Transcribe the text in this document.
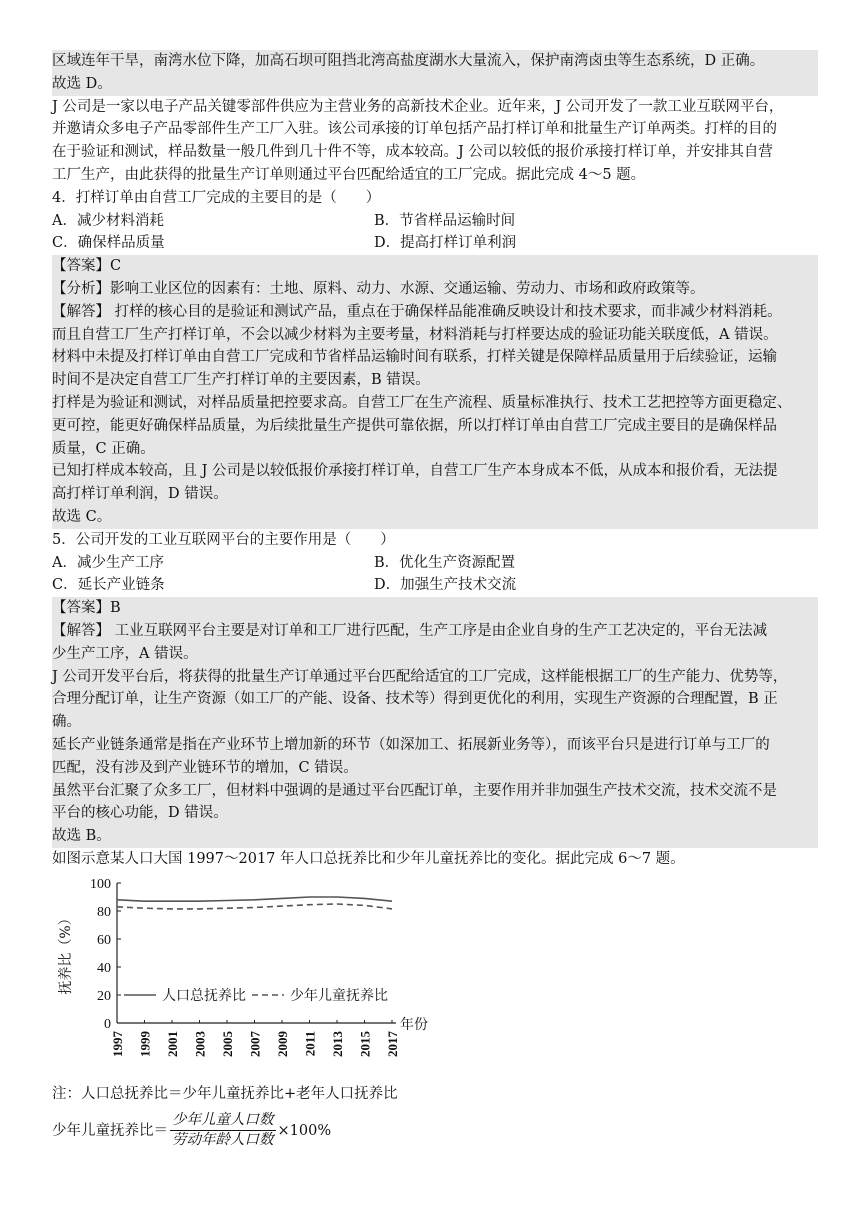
区域连年干旱，南湾水位下降，加高石坝可阻挡北湾高盐度湖水大量流入，保护南湾卤虫等生态系统，D 正确。

故选 D。

J 公司是一家以电子产品关键零部件供应为主营业务的高新技术企业。近年来，J 公司开发了一款工业互联网平台，

并邀请众多电子产品零部件生产工厂入驻。该公司承接的订单包括产品打样订单和批量生产订单两类。打样的目的

在于验证和测试，样品数量一般几件到几十件不等，成本较高。J 公司以较低的报价承接打样订单，并安排其自营

工厂生产，由此获得的批量生产订单则通过平台匹配给适宜的工厂完成。据此完成 4～5 题。

4．打样订单由自营工厂完成的主要目的是（　　）

A．减少材料消耗	B．节省样品运输时间
C．确保样品质量	D．提高打样订单利润

【答案】C

【分析】影响工业区位的因素有：土地、原料、动力、水源、交通运输、劳动力、市场和政府政策等。

【解答】 打样的核心目的是验证和测试产品，重点在于确保样品能准确反映设计和技术要求，而非减少材料消耗。

而且自营工厂生产打样订单，不会以减少材料为主要考量，材料消耗与打样要达成的验证功能关联度低，A 错误。

材料中未提及打样订单由自营工厂完成和节省样品运输时间有联系，打样关键是保障样品质量用于后续验证，运输

时间不是决定自营工厂生产打样订单的主要因素，B 错误。

打样是为验证和测试，对样品质量把控要求高。自营工厂在生产流程、质量标准执行、技术工艺把控等方面更稳定、

更可控，能更好确保样品质量，为后续批量生产提供可靠依据，所以打样订单由自营工厂完成主要目的是确保样品

质量，C 正确。

已知打样成本较高，且 J 公司是以较低报价承接打样订单，自营工厂生产本身成本不低，从成本和报价看，无法提

高打样订单利润，D 错误。

故选 C。

5．公司开发的工业互联网平台的主要作用是（　　）

A．减少生产工序	B．优化生产资源配置
C．延长产业链条	D．加强生产技术交流

【答案】B

【解答】 工业互联网平台主要是对订单和工厂进行匹配，生产工序是由企业自身的生产工艺决定的，平台无法减

少生产工序，A 错误。

J 公司开发平台后，将获得的批量生产订单通过平台匹配给适宜的工厂完成，这样能根据工厂的生产能力、优势等，

合理分配订单，让生产资源（如工厂的产能、设备、技术等）得到更优化的利用，实现生产资源的合理配置，B 正

确。

延长产业链条通常是指在产业环节上增加新的环节（如深加工、拓展新业务等），而该平台只是进行订单与工厂的

匹配，没有涉及到产业链环节的增加，C 错误。

虽然平台汇聚了众多工厂，但材料中强调的是通过平台匹配订单，主要作用并非加强生产技术交流，技术交流不是

平台的核心功能，D 错误。

故选 B。

如图示意某人口大国 1997～2017 年人口总抚养比和少年儿童抚养比的变化。据此完成 6～7 题。

0
20
40
60
80
100
1997 1999 2001 2003 2005 2007 2009 2011 2013 2015 2017
抚养比（%）
年份
人口总抚养比	少年儿童抚养比

注：人口总抚养比＝少年儿童抚养比+老年人口抚养比

少年儿童抚养比＝ $\frac{\text{少年儿童人口数}}{\text{劳动年龄人口数}} \times 100\%$
